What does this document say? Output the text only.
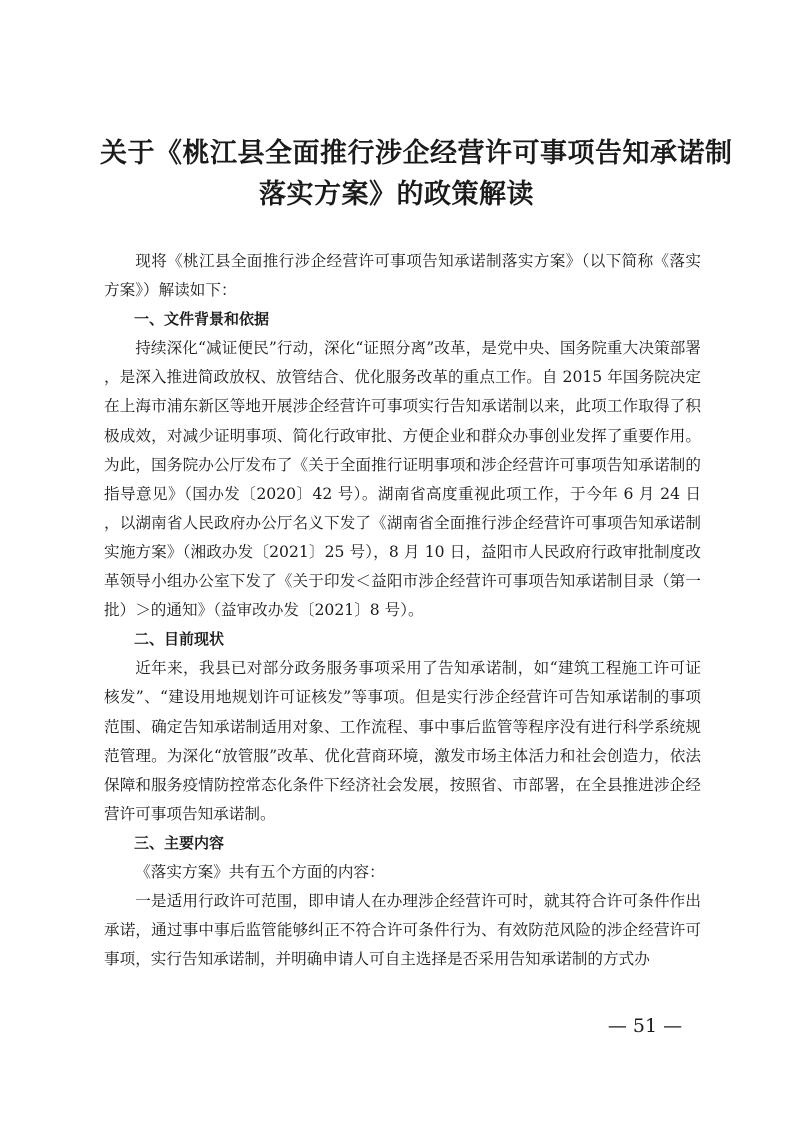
关于《桃江县全面推行涉企经营许可事项告知承诺制
落实方案》的政策解读

现将《桃江县全面推行涉企经营许可事项告知承诺制落实方案》（以下简称《落实方案》）解读如下：

一、文件背景和依据

持续深化“减证便民”行动，深化“证照分离”改革，是党中央、国务院重大决策部署，是深入推进简政放权、放管结合、优化服务改革的重点工作。自 2015 年国务院决定在上海市浦东新区等地开展涉企经营许可事项实行告知承诺制以来，此项工作取得了积极成效，对减少证明事项、简化行政审批、方便企业和群众办事创业发挥了重要作用。为此，国务院办公厅发布了《关于全面推行证明事项和涉企经营许可事项告知承诺制的指导意见》（国办发〔2020〕42 号）。湖南省高度重视此项工作，于今年 6 月 24 日，以湖南省人民政府办公厅名义下发了《湖南省全面推行涉企经营许可事项告知承诺制实施方案》（湘政办发〔2021〕25 号），8 月 10 日，益阳市人民政府行政审批制度改革领导小组办公室下发了《关于印发＜益阳市涉企经营许可事项告知承诺制目录（第一批）＞的通知》（益审改办发〔2021〕8 号）。

二、目前现状

近年来，我县已对部分政务服务事项采用了告知承诺制，如“建筑工程施工许可证核发”、“建设用地规划许可证核发”等事项。但是实行涉企经营许可告知承诺制的事项范围、确定告知承诺制适用对象、工作流程、事中事后监管等程序没有进行科学系统规范管理。为深化“放管服”改革、优化营商环境，激发市场主体活力和社会创造力，依法保障和服务疫情防控常态化条件下经济社会发展，按照省、市部署，在全县推进涉企经营许可事项告知承诺制。

三、主要内容

《落实方案》共有五个方面的内容：

一是适用行政许可范围，即申请人在办理涉企经营许可时，就其符合许可条件作出承诺，通过事中事后监管能够纠正不符合许可条件行为、有效防范风险的涉企经营许可事项，实行告知承诺制，并明确申请人可自主选择是否采用告知承诺制的方式办

— 51 —
